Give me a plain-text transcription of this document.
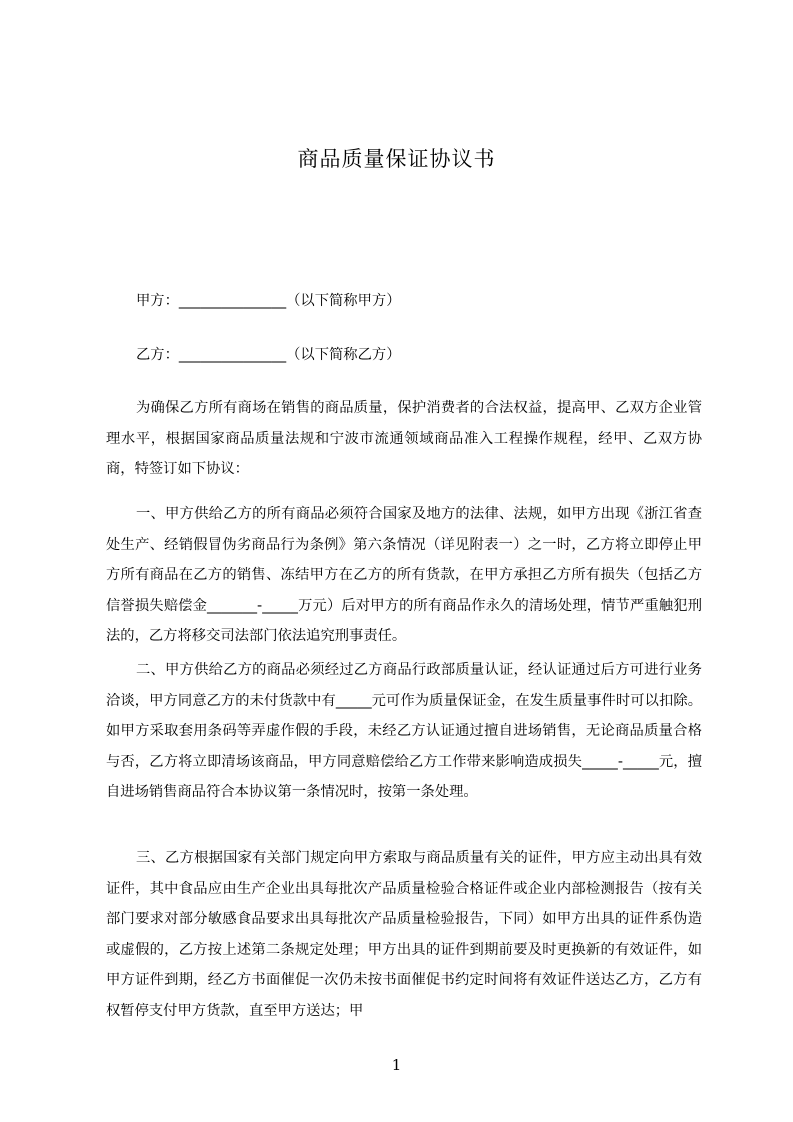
商品质量保证协议书
甲方：_______________（以下简称甲方）
乙方：_______________（以下简称乙方）

为确保乙方所有商场在销售的商品质量，保护消费者的合法权益，提高甲、乙双方企业管理水平，根据国家商品质量法规和宁波市流通领域商品准入工程操作规程，经甲、乙双方协商，特签订如下协议：

一、甲方供给乙方的所有商品必须符合国家及地方的法律、法规，如甲方出现《浙江省查处生产、经销假冒伪劣商品行为条例》第六条情况（详见附表一）之一时，乙方将立即停止甲方所有商品在乙方的销售、冻结甲方在乙方的所有货款，在甲方承担乙方所有损失（包括乙方信誉损失赔偿金_______-_____万元）后对甲方的所有商品作永久的清场处理，情节严重触犯刑法的，乙方将移交司法部门依法追究刑事责任。

二、甲方供给乙方的商品必须经过乙方商品行政部质量认证，经认证通过后方可进行业务洽谈，甲方同意乙方的未付货款中有_____元可作为质量保证金，在发生质量事件时可以扣除。如甲方采取套用条码等弄虚作假的手段，未经乙方认证通过擅自进场销售，无论商品质量合格与否，乙方将立即清场该商品，甲方同意赔偿给乙方工作带来影响造成损失_____-_____元，擅自进场销售商品符合本协议第一条情况时，按第一条处理。

三、乙方根据国家有关部门规定向甲方索取与商品质量有关的证件，甲方应主动出具有效证件，其中食品应由生产企业出具每批次产品质量检验合格证件或企业内部检测报告（按有关部门要求对部分敏感食品要求出具每批次产品质量检验报告，下同）如甲方出具的证件系伪造或虚假的，乙方按上述第二条规定处理；甲方出具的证件到期前要及时更换新的有效证件，如甲方证件到期，经乙方书面催促一次仍未按书面催促书约定时间将有效证件送达乙方，乙方有权暂停支付甲方货款，直至甲方送达；甲

1
